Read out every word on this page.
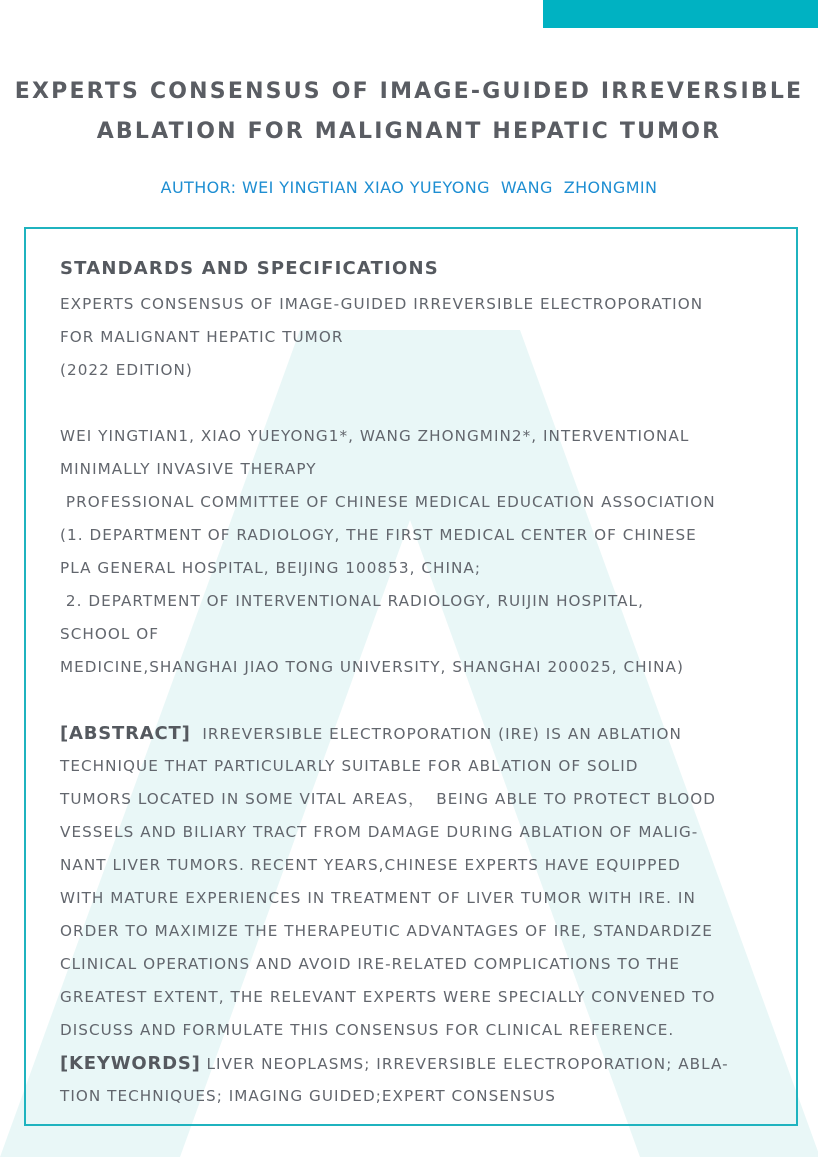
EXPERTS CONSENSUS OF IMAGE-GUIDED IRREVERSIBLE
ABLATION FOR MALIGNANT HEPATIC TUMOR
AUTHOR: WEI YINGTIAN XIAO YUEYONG  WANG  ZHONGMIN
STANDARDS AND SPECIFICATIONS
EXPERTS CONSENSUS OF IMAGE-GUIDED IRREVERSIBLE ELECTROPORATION
FOR MALIGNANT HEPATIC TUMOR
(2022 EDITION)
WEI YINGTIAN1, XIAO YUEYONG1*, WANG ZHONGMIN2*, INTERVENTIONAL
MINIMALLY INVASIVE THERAPY
PROFESSIONAL COMMITTEE OF CHINESE MEDICAL EDUCATION ASSOCIATION
(1. DEPARTMENT OF RADIOLOGY, THE FIRST MEDICAL CENTER OF CHINESE
PLA GENERAL HOSPITAL, BEIJING 100853, CHINA;
2. DEPARTMENT OF INTERVENTIONAL RADIOLOGY, RUIJIN HOSPITAL,
SCHOOL OF
MEDICINE,SHANGHAI JIAO TONG UNIVERSITY, SHANGHAI 200025, CHINA)
[ABSTRACT]  IRREVERSIBLE ELECTROPORATION (IRE) IS AN ABLATION
TECHNIQUE THAT PARTICULARLY SUITABLE FOR ABLATION OF SOLID
TUMORS LOCATED IN SOME VITAL AREAS，  BEING ABLE TO PROTECT BLOOD
VESSELS AND BILIARY TRACT FROM DAMAGE DURING ABLATION OF MALIG-
NANT LIVER TUMORS. RECENT YEARS,CHINESE EXPERTS HAVE EQUIPPED
WITH MATURE EXPERIENCES IN TREATMENT OF LIVER TUMOR WITH IRE. IN
ORDER TO MAXIMIZE THE THERAPEUTIC ADVANTAGES OF IRE, STANDARDIZE
CLINICAL OPERATIONS AND AVOID IRE-RELATED COMPLICATIONS TO THE
GREATEST EXTENT, THE RELEVANT EXPERTS WERE SPECIALLY CONVENED TO
DISCUSS AND FORMULATE THIS CONSENSUS FOR CLINICAL REFERENCE.
[KEYWORDS] LIVER NEOPLASMS; IRREVERSIBLE ELECTROPORATION; ABLA-
TION TECHNIQUES; IMAGING GUIDED;EXPERT CONSENSUS
